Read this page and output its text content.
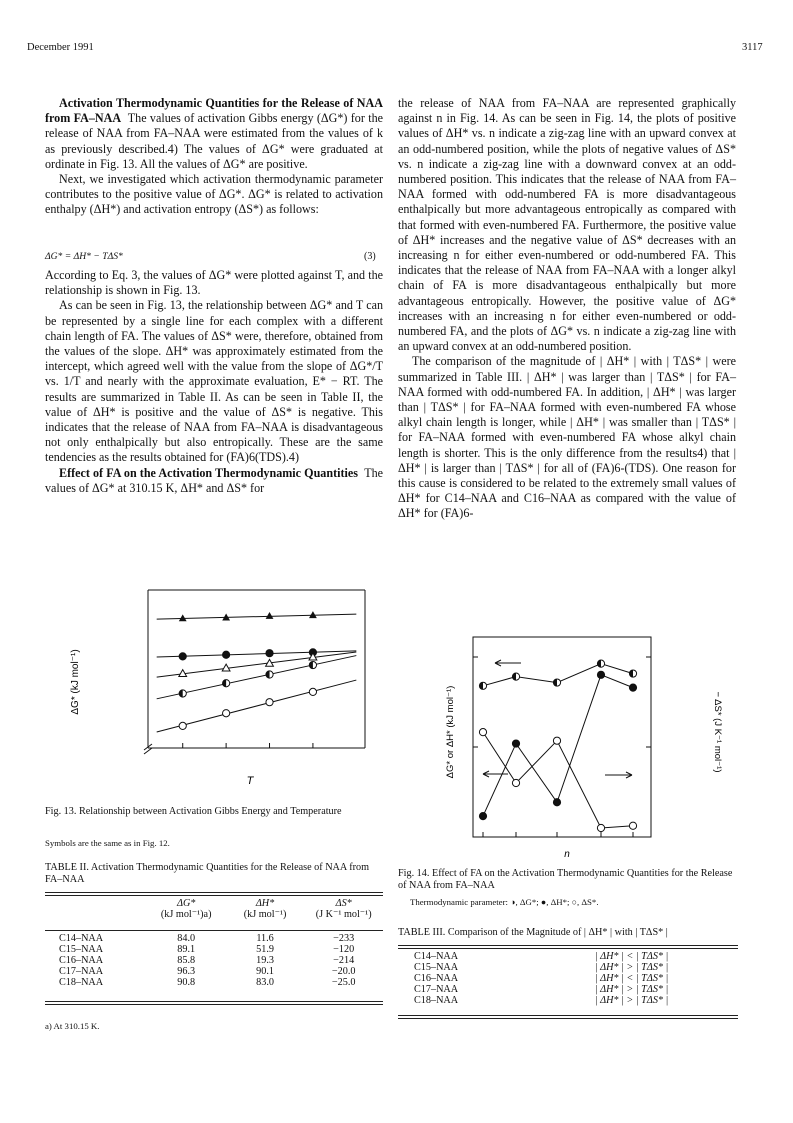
December 1991	3117

Activation Thermodynamic Quantities for the Release of NAA from FA–NAA The values of activation Gibbs energy (ΔG*) for the release of NAA from FA–NAA were estimated from the values of k as previously described.4) The values of ΔG* were graduated at ordinate in Fig. 13. All the values of ΔG* are positive.

Next, we investigated which activation thermodynamic parameter contributes to the positive value of ΔG*. ΔG* is related to activation enthalpy (ΔH*) and activation entropy (ΔS*) as follows:

ΔG* = ΔH* − TΔS*	(3)

According to Eq. 3, the values of ΔG* were plotted against T, and the relationship is shown in Fig. 13.

As can be seen in Fig. 13, the relationship between ΔG* and T can be represented by a single line for each complex with a different chain length of FA. The values of ΔS* were, therefore, obtained from the values of the slope. ΔH* was approximately estimated from the intercept, which agreed well with the value from the slope of ΔG*/T vs. 1/T and nearly with the approximate evaluation, E* − RT. The results are summarized in Table II. As can be seen in Table II, the value of ΔH* is positive and the value of ΔS* is negative. This indicates that the release of NAA from FA–NAA is disadvantageous not only enthalpically but also entropically. These are the same tendencies as the results obtained for (FA)6(TDS).4)

Effect of FA on the Activation Thermodynamic Quantities The values of ΔG* at 310.15 K, ΔH* and ΔS* for

the release of NAA from FA–NAA are represented graphically against n in Fig. 14. As can be seen in Fig. 14, the plots of positive values of ΔH* vs. n indicate a zig-zag line with an upward convex at an odd-numbered position, while the plots of negative values of ΔS* vs. n indicate a zig-zag line with a downward convex at an odd-numbered position. This indicates that the release of NAA from FA–NAA formed with odd-numbered FA is more disadvantageous enthalpically but more advantageous entropically as compared with that formed with even-numbered FA. Furthermore, the positive value of ΔH* increases and the negative value of ΔS* decreases with an increasing n for either even-numbered or odd-numbered FA. This indicates that the release of NAA from FA–NAA with a longer alkyl chain of FA is more disadvantageous enthalpically but more advantageous entropically. However, the positive value of ΔG* increases with an increasing n for either even-numbered or odd-numbered FA, and the plots of ΔG* vs. n indicate a zig-zag line with an upward convex at an odd-numbered position.

The comparison of the magnitude of | ΔH* | with | TΔS* | were summarized in Table III. | ΔH* | was larger than | TΔS* | for FA–NAA formed with odd-numbered FA. In addition, | ΔH* | was larger than | TΔS* | for FA–NAA formed with even-numbered FA whose alkyl chain length is longer, while | ΔH* | was smaller than | TΔS* | for FA–NAA formed with even-numbered FA whose alkyl chain length is shorter. This is the only difference from the results4) that | ΔH* | is larger than | TΔS* | for all of (FA)6-(TDS). One reason for this cause is considered to be related to the extremely small values of ΔH* for C14–NAA and C16–NAA as compared with the value of ΔH* for (FA)6-

ΔG* (kJ mol⁻¹)
T
Fig. 13. Relationship between Activation Gibbs Energy and Temperature
Symbols are the same as in Fig. 12.
TABLE II. Activation Thermodynamic Quantities for the Release of NAA from FA–NAA
	ΔG*	ΔH*	ΔS*
	(kJ mol⁻¹)a)	(kJ mol⁻¹)	(J K⁻¹ mol⁻¹)
C14–NAA	84.0	11.6	−233
C15–NAA	89.1	51.9	−120
C16–NAA	85.8	19.3	−214
C17–NAA	96.3	90.1	−20.0
C18–NAA	90.8	83.0	−25.0
a) At 310.15 K.
ΔG* or ΔH* (kJ mol⁻¹)	− ΔS* (J K⁻¹ mol⁻¹)
n
Fig. 14. Effect of FA on the Activation Thermodynamic Quantities for the Release of NAA from FA–NAA
Thermodynamic parameter: ◑, ΔG*; ●, ΔH*; ○, ΔS*.
TABLE III. Comparison of the Magnitude of | ΔH* | with | TΔS* |
C14–NAA	| ΔH* | < | TΔS* |
C15–NAA	| ΔH* | > | TΔS* |
C16–NAA	| ΔH* | < | TΔS* |
C17–NAA	| ΔH* | > | TΔS* |
C18–NAA	| ΔH* | > | TΔS* |
